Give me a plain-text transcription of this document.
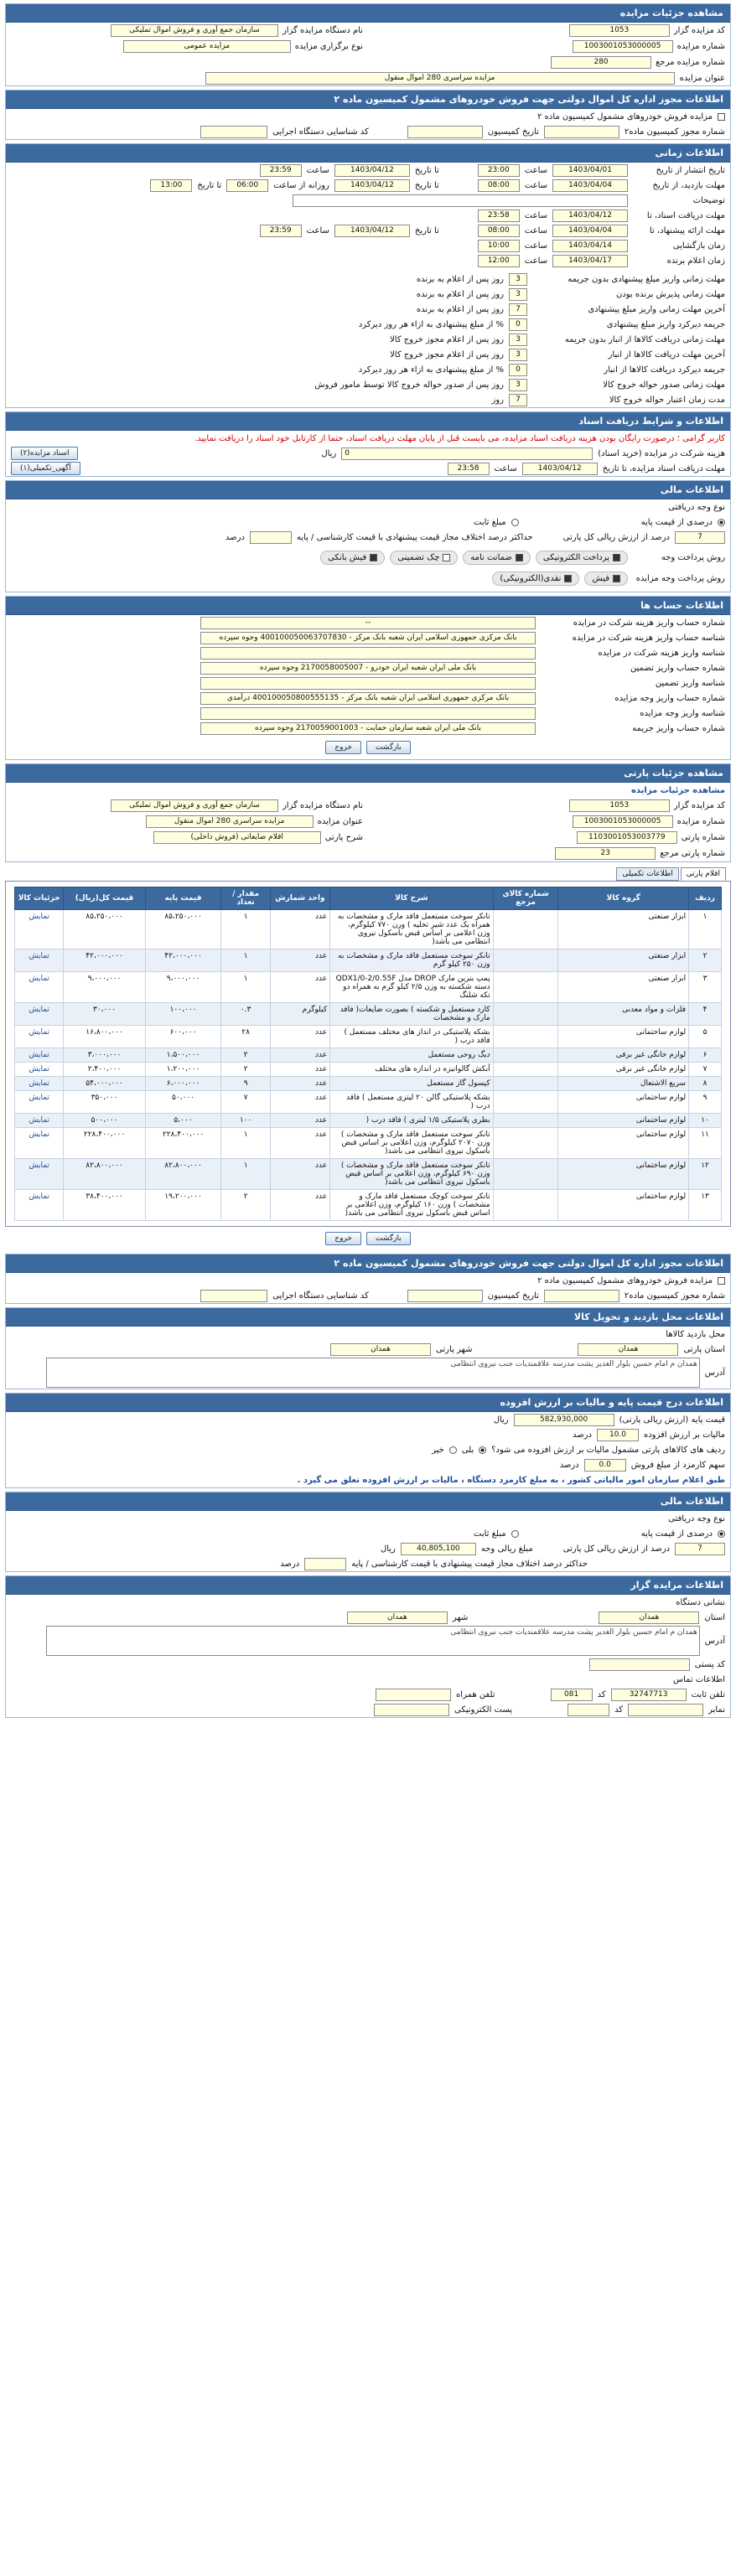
مشاهده جزئیات مزایده
کد مزایده گزار
1053
نام دستگاه مزایده گزار
سازمان جمع آوری و فروش اموال تملیکی
شماره مزایده
1003001053000005
نوع برگزاری مزایده
مزایده عمومی
شماره مزایده مرجع
280
عنوان مزایده
مزایده سراسری 280 اموال منقول
اطلاعات مجوز اداره کل اموال دولتی جهت فروش خودروهای مشمول کمیسیون ماده ۲
مزایده فروش خودروهای مشمول کمیسیون ماده ۲
شماره مجوز کمیسیون ماده۲
تاریخ کمیسیون
کد شناسایی دستگاه اجرایی
اطلاعات زمانی
تاریخ انتشار از تاریخ
1403/04/01
ساعت
23:00
تا تاریخ
1403/04/12
ساعت
23:59
مهلت بازدید، از تاریخ
1403/04/04
ساعت
08:00
تا تاریخ
1403/04/12
روزانه از ساعت
06:00
تا تاریخ
13:00
توضیحات
مهلت دریافت اسناد، تا
1403/04/12
ساعت
23:58
مهلت ارائه پیشنهاد، تا
1403/04/04
ساعت
08:00
تا تاریخ
1403/04/12
ساعت
23:59
زمان بازگشایی
1403/04/14
ساعت
10:00
زمان اعلام برنده
1403/04/17
ساعت
12:00
مهلت زمانی واریز مبلغ پیشنهادی بدون جریمه
3
روز پس از اعلام به برنده
مهلت زمانی پذیرش برنده بودن
3
روز پس از اعلام به برنده
آخرین مهلت زمانی واریز مبلغ پیشنهادی
7
روز پس از اعلام به برنده
جریمه دیرکرد واریز مبلغ پیشنهادی
0
% از مبلغ پیشنهادی به ازاء هر روز دیرکرد
مهلت زمانی دریافت کالاها از انبار بدون جریمه
3
روز پس از اعلام مجوز خروج کالا
آخرین مهلت دریافت کالاها از انبار
3
روز پس از اعلام مجوز خروج کالا
جریمه دیرکرد دریافت کالاها از انبار
0
% از مبلغ پیشنهادی به ازاء هر روز دیرکرد
مهلت زمانی صدور حواله خروج کالا
3
روز پس از صدور حواله خروج کالا توسط مامور فروش
مدت زمان اعتبار حواله خروج کالا
7
روز
اطلاعات و شرایط دریافت اسناد
کاربر گرامی ؛ درصورت رایگان بودن هزینه دریافت اسناد مزایده، می بایست قبل از پایان مهلت دریافت اسناد، حتما از کارتابل خود اسناد را دریافت نمایید.
هزینه شرکت در مزایده (خرید اسناد)
0
ریال
اسناد مزایده(۲)
مهلت دریافت اسناد مزایده، تا تاریخ
1403/04/12
ساعت
23:58
آگهی_تکمیلی(۱)
اطلاعات مالی
نوع وجه دریافتی
درصدی از قیمت پایه
مبلغ ثابت
7
درصد از ارزش ریالی کل پارتی
حداکثر درصد اختلاف مجاز قیمت پیشنهادی با قیمت کارشناسی / پایه
درصد
روش پرداخت وجه
پرداخت الکترونیکی
ضمانت نامه
چک تضمینی
فیش بانکی
روش پرداخت وجه مزایده
فیش
نقدی(الکترونیکی)
اطلاعات حساب ها
شماره حساب واریز هزینه شرکت در مزایده
--
شناسه حساب واریز هزینه شرکت در مزایده
بانک مرکزی جمهوری اسلامی ایران شعبه بانک مرکز - 400100050063707830 وجوه سپرده
شناسه واریز هزینه شرکت در مزایده
شماره حساب واریز تضمین
بانک ملی ایران شعبه ایران خودرو - 2170058005007 وجوه سپرده
شناسه واریز تضمین
شماره حساب واریز وجه مزایده
بانک مرکزی جمهوری اسلامی ایران شعبه بانک مرکز - 400100050800555135 درآمدی
شناسه واریز وجه مزایده
شماره حساب واریز جریمه
بانک ملی ایران شعبه سازمان حمایت - 2170059001003 وجوه سپرده
بازگشت
خروج
مشاهده جزئیات پارتی
مشاهده جزئیات مزایده
کد مزایده گزار
1053
نام دستگاه مزایده گزار
سازمان جمع آوری و فروش اموال تملیکی
شماره مزایده
1003001053000005
عنوان مزایده
مزایده سراسری 280 اموال منقول
شماره پارتی
1103001053003779
شرح پارتی
اقلام ضایعاتی (فروش داخلی)
شماره پارتی مرجع
23
اقلام پارتی
اطلاعات تکمیلی
ردیف	گروه کالا	شماره کالای مرجع	شرح کالا	واحد شمارش	مقدار / تعداد	قیمت پایه	قیمت کل(ریال)	جزئیات کالا
۱	ابزار صنعتی		تانکر سوخت مستعمل فاقد مارک و مشخصات به همراه یک عدد شیر تخلیه ) ورن ۷۷۰ کیلوگرم، وزن اعلامی بر اساس قبض باسکول نیروی انتظامی می باشد(	عدد	۱	۸۵،۲۵۰،۰۰۰	۸۵،۲۵۰،۰۰۰	تمایش
۲	ابزار صنعتی		تانکر سوخت مستعمل فاقد مارک و مشخصات به وزن ۲۵۰ کیلو گرم	عدد	۱	۴۲،۰۰۰،۰۰۰	۴۲،۰۰۰،۰۰۰	تمایش
۳	ابزار صنعتی		پمپ بنزین مارک DROP مدل QDX1/0-2/0.55F دسته شکسته به وزن ۲/۵ کیلو گرم به همراه دو تکه شلنگ	عدد	۱	۹،۰۰۰،۰۰۰	۹،۰۰۰،۰۰۰	تمایش
۴	فلزات و مواد معدنی		کارد مستعمل و شکسته ) بصورت ضایعات( فاقد مارک و مشخصات	کیلوگرم	۰.۳	۱۰۰،۰۰۰	۳۰،۰۰۰	تمایش
۵	لوازم ساختمانی		بشکه پلاستیکی در انداز های مختلف مستعمل ) فاقد درب (	عدد	۲۸	۶۰۰،۰۰۰	۱۶،۸۰۰،۰۰۰	تمایش
۶	لوازم خانگی غیر برقی		دیگ روحی مستعمل	عدد	۲	۱،۵۰۰،۰۰۰	۳،۰۰۰،۰۰۰	تمایش
۷	لوازم خانگی غیر برقی		آبکش گالوانیزه در اندازه های مختلف	عدد	۲	۱،۲۰۰،۰۰۰	۲،۴۰۰،۰۰۰	تمایش
۸	سریع الاشتعال		کپسول گاز مستعمل	عدد	۹	۶،۰۰۰،۰۰۰	۵۴،۰۰۰،۰۰۰	تمایش
۹	لوازم ساختمانی		بشکه پلاستیکی گالن ۲۰ لیتری مستعمل ) فاقد درب (	عدد	۷	۵۰،۰۰۰	۳۵۰،۰۰۰	تمایش
۱۰	لوازم ساختمانی		بطری پلاستیکی ۱/۵ لیتری ) فاقد درب (	عدد	۱۰۰	۵،۰۰۰	۵۰۰،۰۰۰	تمایش
۱۱	لوازم ساختمانی		تانکر سوخت مستعمل فاقد مارک و مشخصات ) وزن ۲۰۷۰ کیلوگرم، وزن اعلامی بر اساس قبض باسکول نیروی انتظامی می باشد(	عدد	۱	۲۲۸،۴۰۰،۰۰۰	۲۲۸،۴۰۰،۰۰۰	تمایش
۱۲	لوازم ساختمانی		تانکر سوخت مستعمل فاقد مارک و مشخصات ) وزن ۶۹۰ کیلوگرم، وزن اعلامی بر اساس قبض باسکول نیروی انتظامی می باشد(	عدد	۱	۸۲،۸۰۰،۰۰۰	۸۲،۸۰۰،۰۰۰	تمایش
۱۳	لوازم ساختمانی		تانکر سوخت کوچک مستعمل فاقد مارک و مشخصات ) وزن ۱۶۰ کیلوگرم، وزن اعلامی بر اساس قبض باسکول نیروی انتظامی می باشد(	عدد	۲	۱۹،۲۰۰،۰۰۰	۳۸،۴۰۰،۰۰۰	تمایش
بازگشت
خروج
اطلاعات مجوز اداره کل اموال دولتی جهت فروش خودروهای مشمول کمیسیون ماده ۲
مزایده فروش خودروهای مشمول کمیسیون ماده ۲
شماره مجوز کمیسیون ماده۲
تاریخ کمیسیون
کد شناسایی دستگاه اجرایی
اطلاعات محل بازدید و تحویل کالا
محل بازدید کالاها
استان پارتی
همدان
شهر پارتی
همدان
آدرس
همدان م امام حسین بلوار الغدیر پشت مدرسه علاقمندیات جنب نیروی انتظامی
اطلاعات درج قیمت پایه و مالیات بر ارزش افزوده
قیمت پایه (ارزش ریالی پارتی)
582,930,000
ریال
مالیات بر ارزش افزوده
10.0
درصد
ردیف های کالاهای پارتی مشمول مالیات بر ارزش افزوده می شود؟
بلی
خیر
سهم کارمزد از مبلغ فروش
0.0
درصد
طبق اعلام سازمان امور مالیاتی کشور ، به مبلغ کارمزد دستگاه ، مالیات بر ارزش افزوده تعلق می گیرد .
اطلاعات مالی
نوع وجه دریافتی
درصدی از قیمت پایه
مبلغ ثابت
7
درصد از ارزش ریالی کل پارتی
مبلغ ریالی وجه
40,805,100
ریال
حداکثر درصد اختلاف مجاز قیمت پیشنهادی با قیمت کارشناسی / پایه
درصد
اطلاعات مزایده گزار
نشانی دستگاه
استان
همدان
شهر
همدان
آدرس
همدان م امام حسین بلوار الغدیر پشت مدرسه علاقمندیات جنب نیروی انتظامی
کد پستی
اطلاعات تماس
تلفن ثابت
32747713
کد
081
تلفن همراه
نمابر
کد
پست الکترونیکی
